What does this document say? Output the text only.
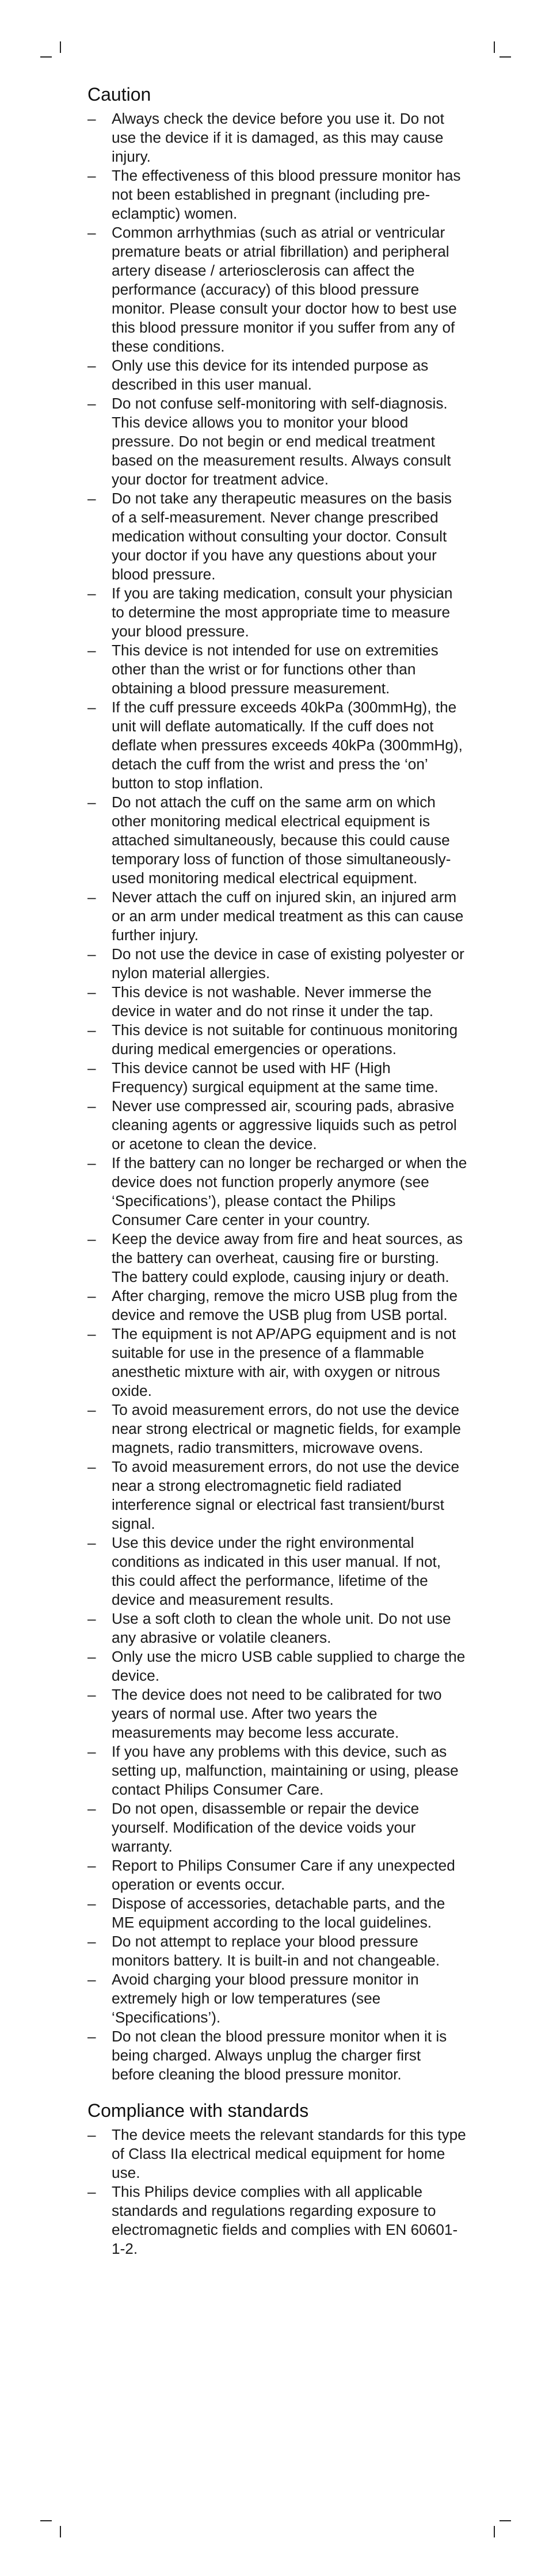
Caution
–	Always check the device before you use it. Do not use the device if it is damaged, as this may cause injury.
–	The effectiveness of this blood pressure monitor has not been established in pregnant (including pre-eclamptic) women.
–	Common arrhythmias (such as atrial or ventricular premature beats or atrial fibrillation) and peripheral artery disease / arteriosclerosis can affect the performance (accuracy) of this blood pressure monitor. Please consult your doctor how to best use this blood pressure monitor if you suffer from any of these conditions.
–	Only use this device for its intended purpose as described in this user manual.
–	Do not confuse self-monitoring with self-diagnosis. This device allows you to monitor your blood pressure. Do not begin or end medical treatment based on the measurement results. Always consult your doctor for treatment advice.
–	Do not take any therapeutic measures on the basis of a self-measurement. Never change prescribed medication without consulting your doctor. Consult your doctor if you have any questions about your blood pressure.
–	If you are taking medication, consult your physician to determine the most appropriate time to measure your blood pressure.
–	This device is not intended for use on extremities other than the wrist or for functions other than obtaining a blood pressure measurement.
–	If the cuff pressure exceeds 40kPa (300mmHg), the unit will deflate automatically. If the cuff does not deflate when pressures exceeds 40kPa (300mmHg), detach the cuff from the wrist and press the ‘on’ button to stop inflation.
–	Do not attach the cuff on the same arm on which other monitoring medical electrical equipment is attached simultaneously, because this could cause temporary loss of function of those simultaneously-used monitoring medical electrical equipment.
–	Never attach the cuff on injured skin, an injured arm or an arm under medical treatment as this can cause further injury.
–	Do not use the device in case of existing polyester or nylon material allergies.
–	This device is not washable. Never immerse the device in water and do not rinse it under the tap.
–	This device is not suitable for continuous monitoring during medical emergencies or operations.
–	This device cannot be used with HF (High Frequency) surgical equipment at the same time.
–	Never use compressed air, scouring pads, abrasive cleaning agents or aggressive liquids such as petrol or acetone to clean the device.
–	If the battery can no longer be recharged or when the device does not function properly anymore (see ‘Specifications’), please contact the Philips Consumer Care center in your country.
–	Keep the device away from fire and heat sources, as the battery can overheat, causing fire or bursting. The battery could explode, causing injury or death.
–	After charging, remove the micro USB plug from the device and remove the USB plug from USB portal.
–	The equipment is not AP/APG equipment and is not suitable for use in the presence of a flammable anesthetic mixture with air, with oxygen or nitrous oxide.
–	To avoid measurement errors, do not use the device near strong electrical or magnetic fields, for example magnets, radio transmitters, microwave ovens.
–	To avoid measurement errors, do not use the device near a strong electromagnetic field radiated interference signal or electrical fast transient/burst signal.
–	Use this device under the right environmental conditions as indicated in this user manual. If not, this could affect the performance, lifetime of the device and measurement results.
–	Use a soft cloth to clean the whole unit. Do not use any abrasive or volatile cleaners.
–	Only use the micro USB cable supplied to charge the device.
–	The device does not need to be calibrated for two years of normal use. After two years the measurements may become less accurate.
–	If you have any problems with this device, such as setting up, malfunction, maintaining or using, please contact Philips Consumer Care.
–	Do not open, disassemble or repair the device yourself. Modification of the device voids your warranty.
–	Report to Philips Consumer Care if any unexpected operation or events occur.
–	Dispose of accessories, detachable parts, and the ME equipment according to the local guidelines.
–	Do not attempt to replace your blood pressure monitors battery. It is built-in and not changeable.
–	Avoid charging your blood pressure monitor in extremely high or low temperatures (see ‘Specifications’).
–	Do not clean the blood pressure monitor when it is being charged. Always unplug the charger first before cleaning the blood pressure monitor.
Compliance with standards
–	The device meets the relevant standards for this type of Class IIa electrical medical equipment for home use.
–	This Philips device complies with all applicable standards and regulations regarding exposure to electromagnetic fields and complies with EN 60601-1-2.
